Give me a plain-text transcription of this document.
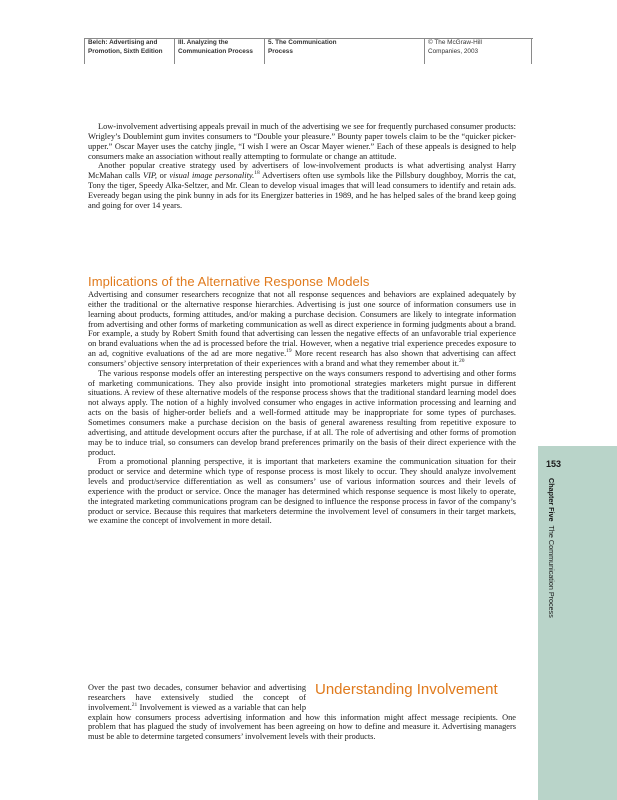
Belch: Advertising and
Promotion, Sixth Edition
III. Analyzing the
Communication Process
5. The Communication
Process
© The McGraw-Hill
Companies, 2003

Low-involvement advertising appeals prevail in much of the advertising we see for frequently purchased consumer products: Wrigley’s Doublemint gum invites consumers to “Double your pleasure.” Bounty paper towels claim to be the “quicker picker-upper.” Oscar Mayer uses the catchy jingle, “I wish I were an Oscar Mayer wiener.” Each of these appeals is designed to help consumers make an association without really attempting to formulate or change an attitude.

Another popular creative strategy used by advertisers of low-involvement products is what advertising analyst Harry McMahan calls VIP, or visual image personality.$^{18}$ Advertisers often use symbols like the Pillsbury doughboy, Morris the cat, Tony the tiger, Speedy Alka-Seltzer, and Mr. Clean to develop visual images that will lead consumers to identify and retain ads. Eveready began using the pink bunny in ads for its Energizer batteries in 1989, and he has helped sales of the brand keep going and going for over 14 years.

Implications of the Alternative Response Models

Advertising and consumer researchers recognize that not all response sequences and behaviors are explained adequately by either the traditional or the alternative response hierarchies. Advertising is just one source of information consumers use in learning about products, forming attitudes, and/or making a purchase decision. Consumers are likely to integrate information from advertising and other forms of marketing communication as well as direct experience in forming judgments about a brand. For example, a study by Robert Smith found that advertising can lessen the negative effects of an unfavorable trial experience on brand evaluations when the ad is processed before the trial. However, when a negative trial experience precedes exposure to an ad, cognitive evaluations of the ad are more negative.$^{19}$ More recent research has also shown that advertising can affect consumers’ objective sensory interpretation of their experiences with a brand and what they remember about it.$^{20}$

The various response models offer an interesting perspective on the ways consumers respond to advertising and other forms of marketing communications. They also provide insight into promotional strategies marketers might pursue in different situations. A review of these alternative models of the response process shows that the traditional standard learning model does not always apply. The notion of a highly involved consumer who engages in active information processing and learning and acts on the basis of higher-order beliefs and a well-formed attitude may be inappropriate for some types of purchases. Sometimes consumers make a purchase decision on the basis of general awareness resulting from repetitive exposure to advertising, and attitude development occurs after the purchase, if at all. The role of advertising and other forms of promotion may be to induce trial, so consumers can develop brand preferences primarily on the basis of their direct experience with the product.

From a promotional planning perspective, it is important that marketers examine the communication situation for their product or service and determine which type of response process is most likely to occur. They should analyze involvement levels and product/service differentiation as well as consumers’ use of various information sources and their levels of experience with the product or service. Once the manager has determined which response sequence is most likely to operate, the integrated marketing communications program can be designed to influence the response process in favor of the company’s product or service. Because this requires that marketers determine the involvement level of consumers in their target markets, we examine the concept of involvement in more detail.

Understanding Involvement

Over the past two decades, consumer behavior and advertising researchers have extensively studied the concept of involvement.$^{21}$ Involvement is viewed as a variable that can help explain how consumers process advertising information and how this information might affect message recipients. One problem that has plagued the study of involvement has been agreeing on how to define and measure it. Advertising managers must be able to determine targeted consumers’ involvement levels with their products.

153
Chapter FiveThe Communication Process
